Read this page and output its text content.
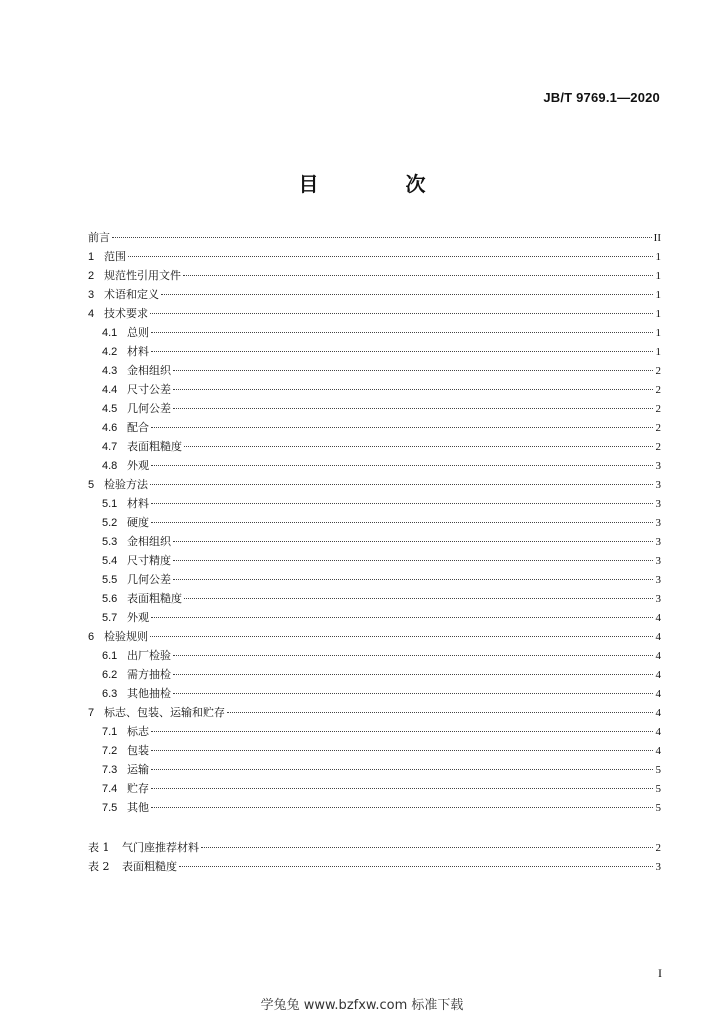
JB/T 9769.1—2020
目 次
前言	II
1 范围	1
2 规范性引用文件	1
3 术语和定义	1
4 技术要求	1
4.1 总则	1
4.2 材料	1
4.3 金相组织	2
4.4 尺寸公差	2
4.5 几何公差	2
4.6 配合	2
4.7 表面粗糙度	2
4.8 外观	3
5 检验方法	3
5.1 材料	3
5.2 硬度	3
5.3 金相组织	3
5.4 尺寸精度	3
5.5 几何公差	3
5.6 表面粗糙度	3
5.7 外观	4
6 检验规则	4
6.1 出厂检验	4
6.2 需方抽检	4
6.3 其他抽检	4
7 标志、包装、运输和贮存	4
7.1 标志	4
7.2 包装	4
7.3 运输	5
7.4 贮存	5
7.5 其他	5
表 1	气门座推荐材料	2
表 2	表面粗糙度	3
I
学兔兔 www.bzfxw.com 标准下载
